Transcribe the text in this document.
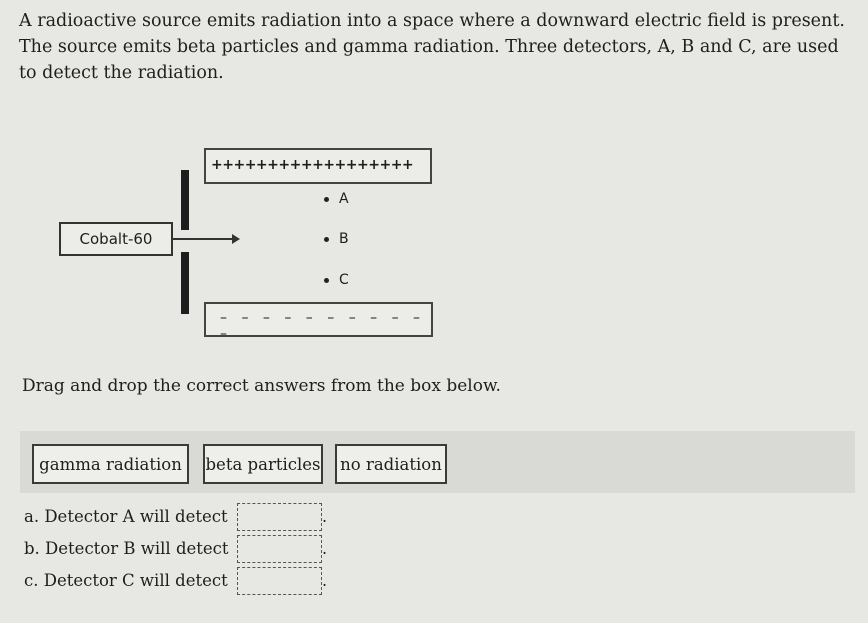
A radioactive source emits radiation into a space where a downward electric field is present. The source emits beta particles and gamma radiation. Three detectors, A, B and C, are used to detect the radiation.

Cobalt-60
++++++++++++++++++
– – – – – – – – – – –
A
B
C

Drag and drop the correct answers from the box below.

gamma radiation	beta particles	no radiation

a. Detector A will detect	.

b. Detector B will detect	.

c. Detector C will detect	.
